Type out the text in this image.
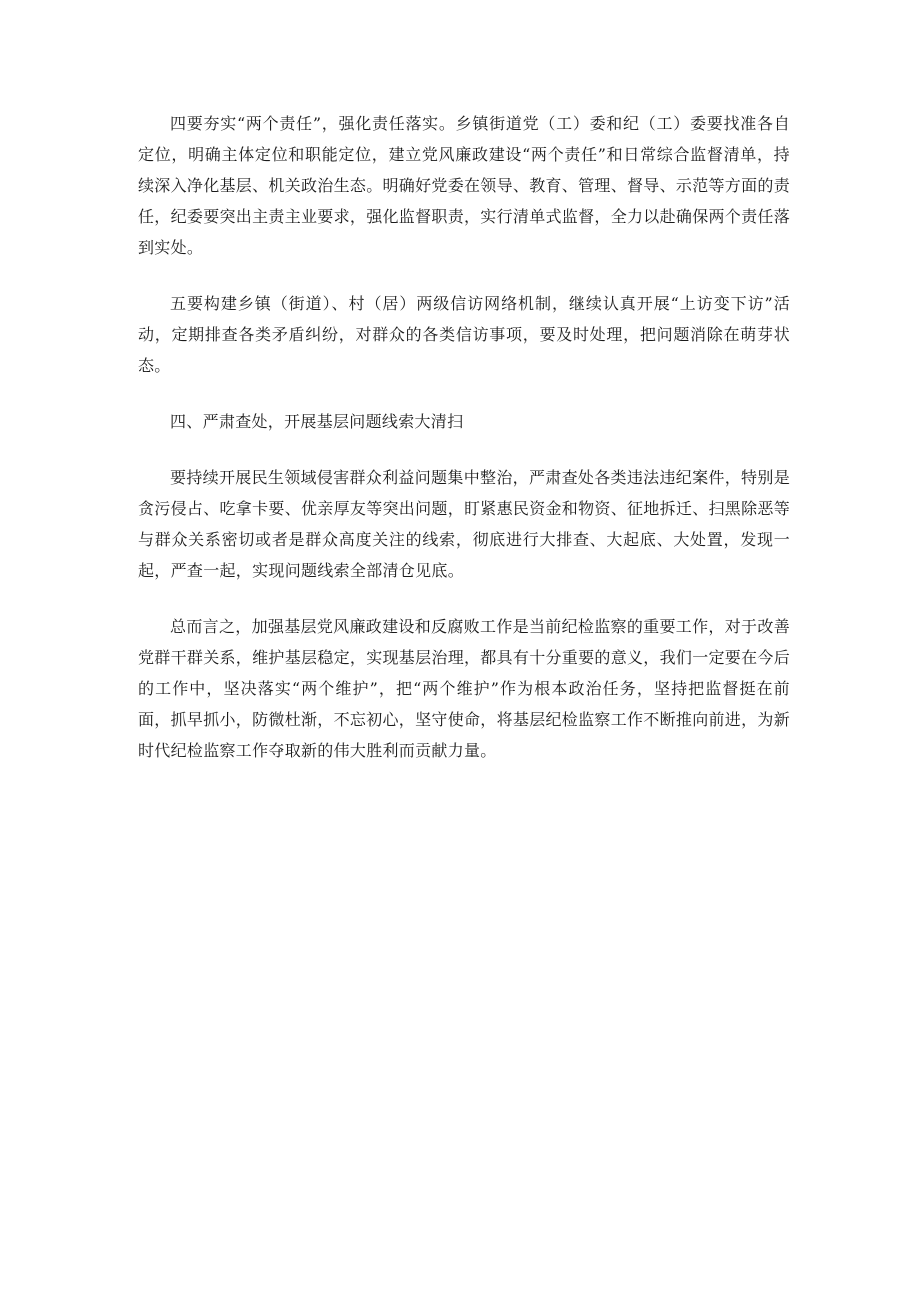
四要夯实“两个责任”，强化责任落实。乡镇街道党（工）委和纪（工）委要找准各自定位，明确主体定位和职能定位，建立党风廉政建设“两个责任”和日常综合监督清单，持续深入净化基层、机关政治生态。明确好党委在领导、教育、管理、督导、示范等方面的责任，纪委要突出主责主业要求，强化监督职责，实行清单式监督，全力以赴确保两个责任落到实处。

五要构建乡镇（街道）、村（居）两级信访网络机制，继续认真开展“上访变下访”活动，定期排查各类矛盾纠纷，对群众的各类信访事项，要及时处理，把问题消除在萌芽状态。

四、严肃查处，开展基层问题线索大清扫

要持续开展民生领域侵害群众利益问题集中整治，严肃查处各类违法违纪案件，特别是贪污侵占、吃拿卡要、优亲厚友等突出问题，盯紧惠民资金和物资、征地拆迁、扫黑除恶等与群众关系密切或者是群众高度关注的线索，彻底进行大排查、大起底、大处置，发现一起，严查一起，实现问题线索全部清仓见底。

总而言之，加强基层党风廉政建设和反腐败工作是当前纪检监察的重要工作，对于改善党群干群关系，维护基层稳定，实现基层治理，都具有十分重要的意义，我们一定要在今后的工作中，坚决落实“两个维护”，把“两个维护”作为根本政治任务，坚持把监督挺在前面，抓早抓小，防微杜渐，不忘初心，坚守使命，将基层纪检监察工作不断推向前进，为新时代纪检监察工作夺取新的伟大胜利而贡献力量。
